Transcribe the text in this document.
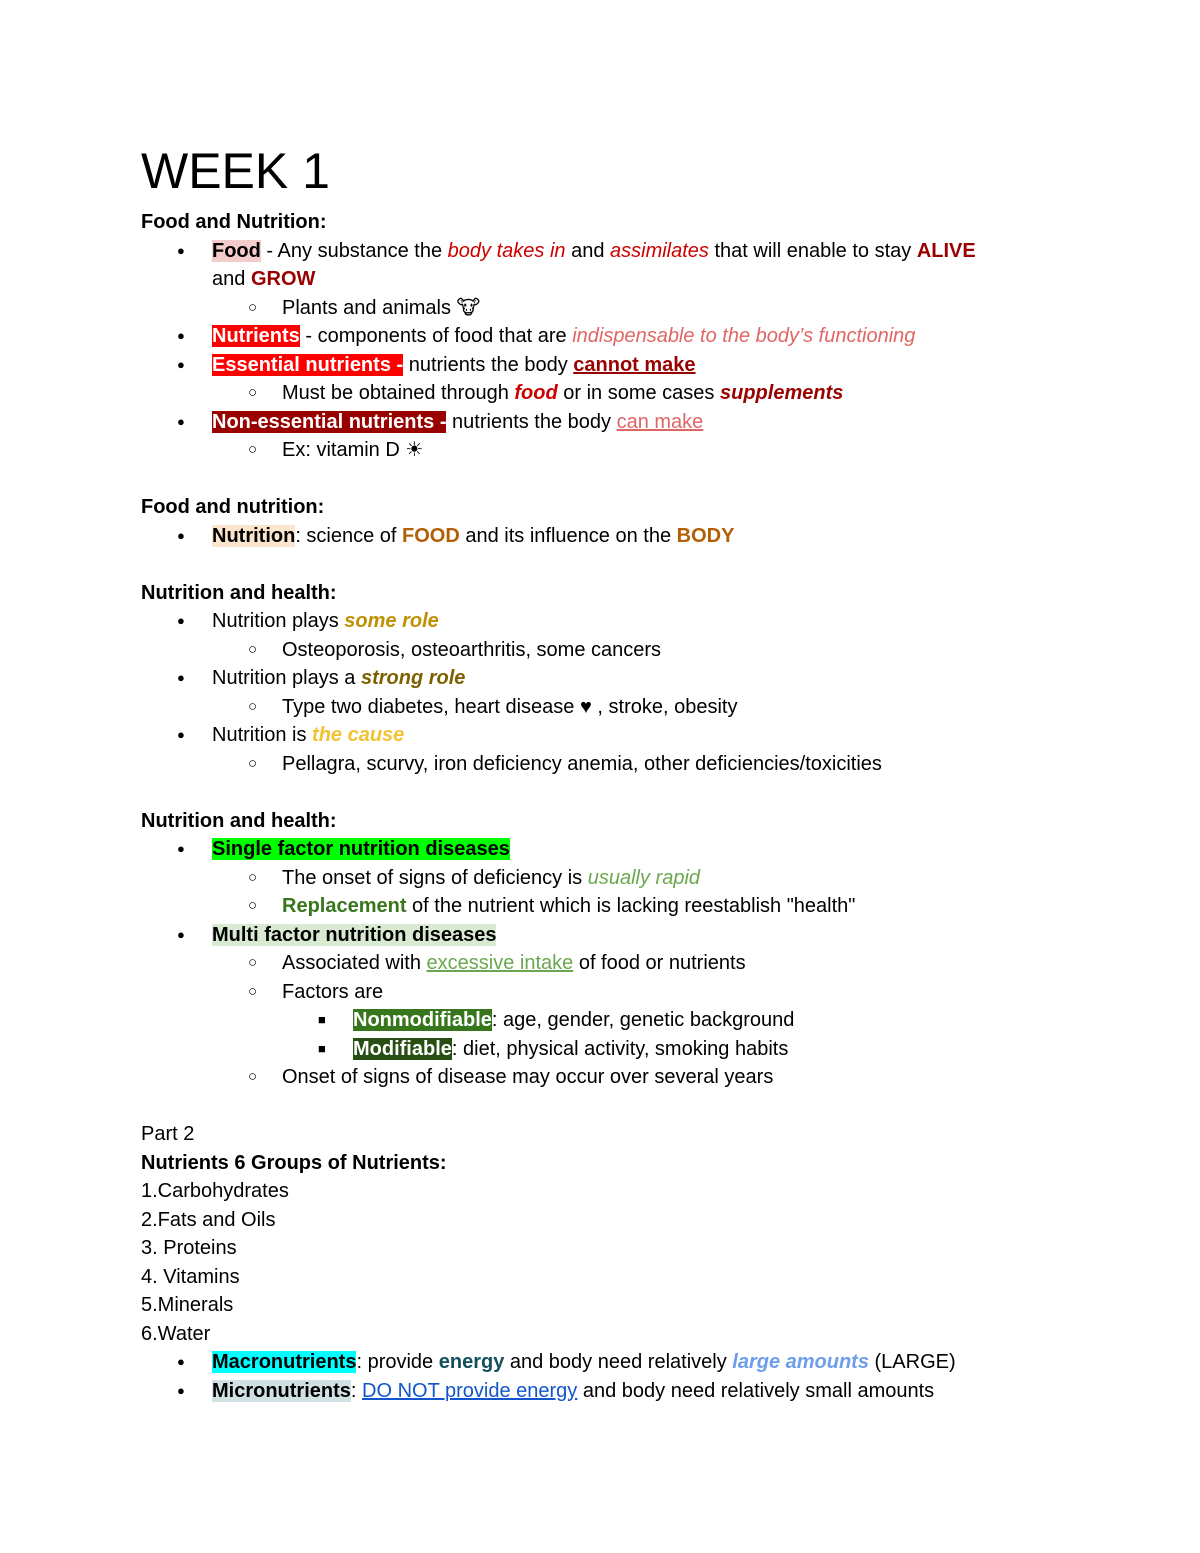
WEEK 1
Food and Nutrition:
● Food - Any substance the body takes in and assimilates that will enable to stay ALIVE
and GROW
○ Plants and animals 🐮
● Nutrients - components of food that are indispensable to the body’s functioning
● Essential nutrients - nutrients the body cannot make
○ Must be obtained through food or in some cases supplements
● Non-essential nutrients - nutrients the body can make
○ Ex: vitamin D ☀
Food and nutrition:
● Nutrition: science of FOOD and its influence on the BODY
Nutrition and health:
● Nutrition plays some role
○ Osteoporosis, osteoarthritis, some cancers
● Nutrition plays a strong role
○ Type two diabetes, heart disease ♥ , stroke, obesity
● Nutrition is the cause
○ Pellagra, scurvy, iron deficiency anemia, other deficiencies/toxicities
Nutrition and health:
● Single factor nutrition diseases
○ The onset of signs of deficiency is usually rapid
○ Replacement of the nutrient which is lacking reestablish "health"
● Multi factor nutrition diseases
○ Associated with excessive intake of food or nutrients
○ Factors are
■ Nonmodifiable: age, gender, genetic background
■ Modifiable: diet, physical activity, smoking habits
○ Onset of signs of disease may occur over several years
Part 2
Nutrients 6 Groups of Nutrients:
1.Carbohydrates
2.Fats and Oils
3. Proteins
4. Vitamins
5.Minerals
6.Water
● Macronutrients: provide energy and body need relatively large amounts (LARGE)
● Micronutrients: DO NOT provide energy and body need relatively small amounts
